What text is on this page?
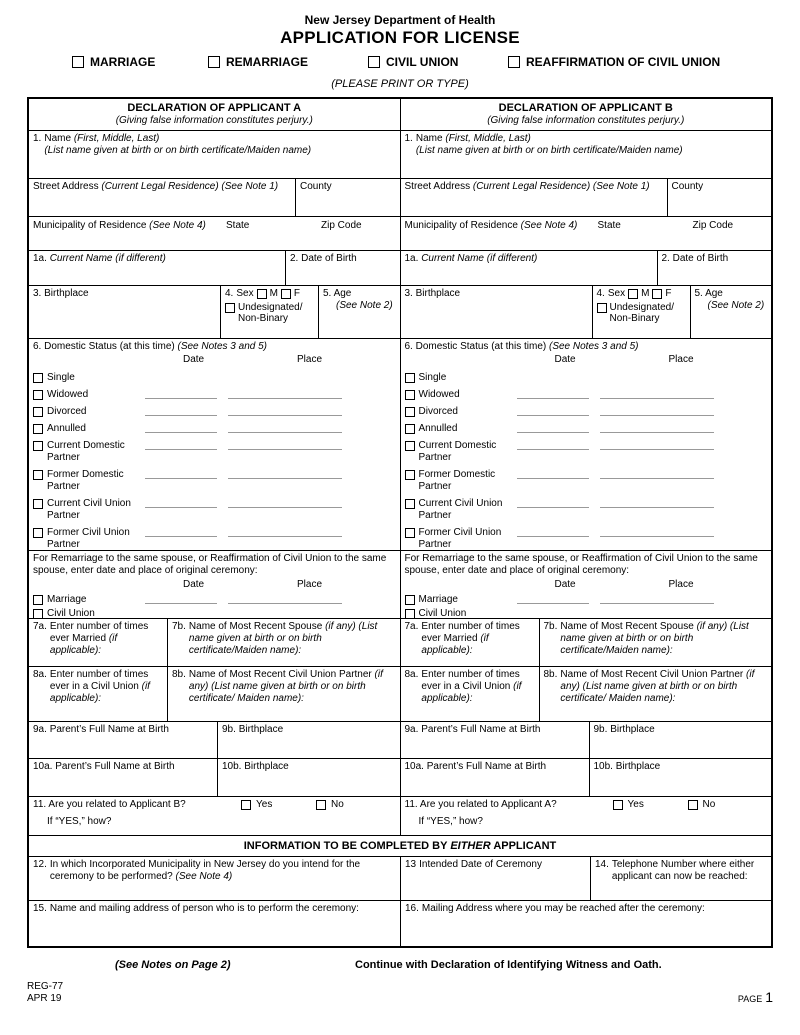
New Jersey Department of Health
APPLICATION FOR LICENSE
MARRIAGE	REMARRIAGE	CIVIL UNION	REAFFIRMATION OF CIVIL UNION
(PLEASE PRINT OR TYPE)
DECLARATION OF APPLICANT A
(Giving false information constitutes perjury.)
1. Name (First, Middle, Last)
(List name given at birth or on birth certificate/Maiden name)
Street Address (Current Legal Residence) (See Note 1)	County
Municipality of Residence (See Note 4) State	Zip Code
1a. Current Name (if different)	2. Date of Birth
3. Birthplace	4. Sex M F
Undesignated/
Non-Binary
5. Age
(See Note 2)
6. Domestic Status (at this time) (See Notes 3 and 5)
Date	Place
Single
Widowed
Divorced
Annulled
Current Domestic Partner
Former Domestic Partner
Current Civil Union Partner
Former Civil Union Partner
For Remarriage to the same spouse, or Reaffirmation of Civil Union to the same spouse, enter date and place of original ceremony:
Date	Place
Marriage
Civil Union
7a. Enter number of times ever Married (if applicable):
7b. Name of Most Recent Spouse (if any) (List name given at birth or on birth certificate/Maiden name):
8a. Enter number of times ever in a Civil Union (if applicable):
8b. Name of Most Recent Civil Union Partner (if any) (List name given at birth or on birth certificate/ Maiden name):
9a. Parent’s Full Name at Birth	9b. Birthplace
10a. Parent’s Full Name at Birth	10b. Birthplace
11. Are you related to Applicant B?	Yes	No
If “YES,” how?
DECLARATION OF APPLICANT B
(Giving false information constitutes perjury.)
1. Name (First, Middle, Last)
(List name given at birth or on birth certificate/Maiden name)
Street Address (Current Legal Residence) (See Note 1)	County
Municipality of Residence (See Note 4) State	Zip Code
1a. Current Name (if different)	2. Date of Birth
3. Birthplace	4. Sex M F
Undesignated/
Non-Binary
5. Age
(See Note 2)
6. Domestic Status (at this time) (See Notes 3 and 5)
Date	Place
Single
Widowed
Divorced
Annulled
Current Domestic Partner
Former Domestic Partner
Current Civil Union Partner
Former Civil Union Partner
For Remarriage to the same spouse, or Reaffirmation of Civil Union to the same spouse, enter date and place of original ceremony:
Date	Place
Marriage
Civil Union
7a. Enter number of times ever Married (if applicable):
7b. Name of Most Recent Spouse (if any) (List name given at birth or on birth certificate/Maiden name):
8a. Enter number of times ever in a Civil Union (if applicable):
8b. Name of Most Recent Civil Union Partner (if any) (List name given at birth or on birth certificate/ Maiden name):
9a. Parent’s Full Name at Birth	9b. Birthplace
10a. Parent’s Full Name at Birth	10b. Birthplace
11. Are you related to Applicant A?	Yes	No
If “YES,” how?
INFORMATION TO BE COMPLETED BY EITHER APPLICANT
12. In which Incorporated Municipality in New Jersey do you intend for the ceremony to be performed? (See Note 4)
13 Intended Date of Ceremony	14. Telephone Number where either applicant can now be reached:
15. Name and mailing address of person who is to perform the ceremony:	16. Mailing Address where you may be reached after the ceremony:
(See Notes on Page 2)	Continue with Declaration of Identifying Witness and Oath.
REG-77
APR 19	PAGE 1
